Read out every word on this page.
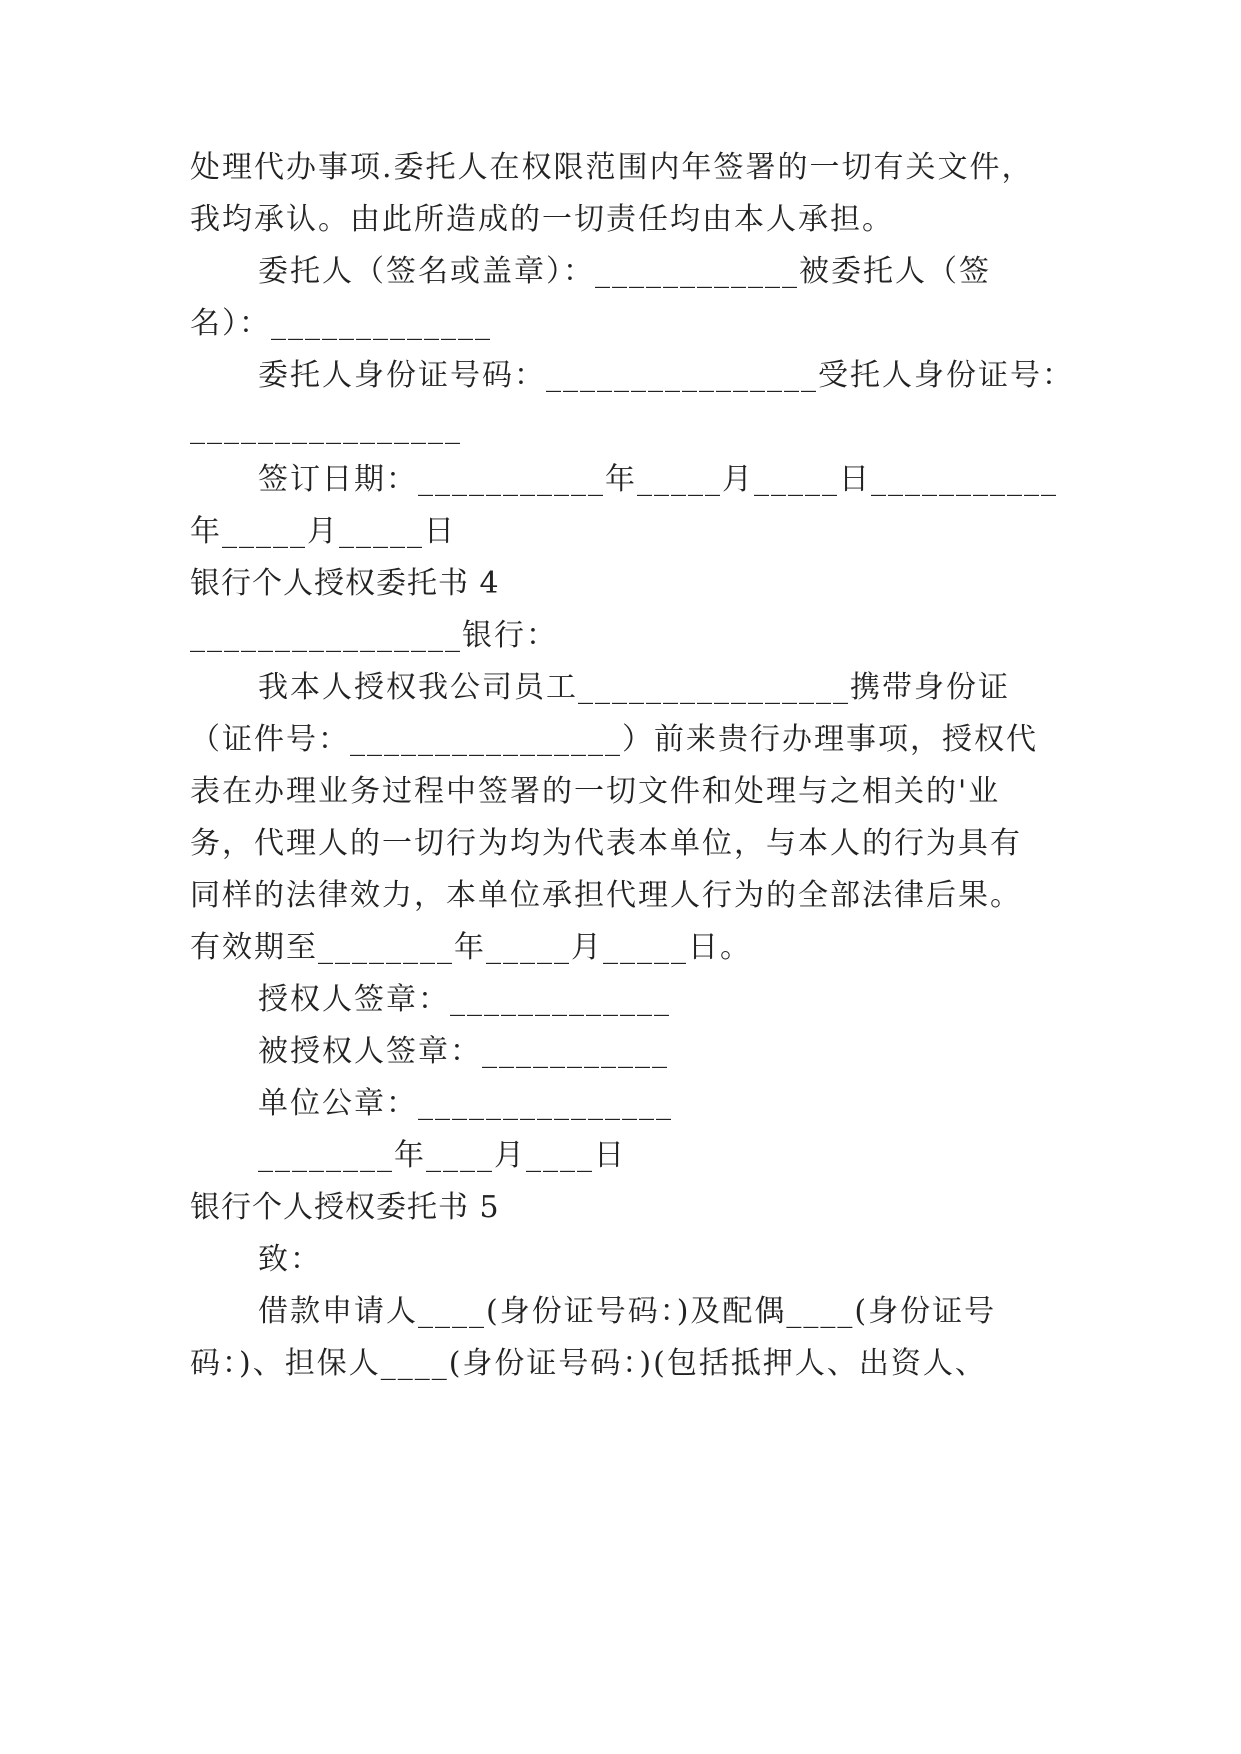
处理代办事项.委托人在权限范围内年签署的一切有关文件，
我均承认。由此所造成的一切责任均由本人承担。
委托人（签名或盖章）：____________被委托人（签
名）：_____________
委托人身份证号码：________________受托人身份证号：
________________
签订日期：___________年_____月_____日___________
年_____月_____日
银行个人授权委托书 4
________________银行：
我本人授权我公司员工________________携带身份证
（证件号：________________）前来贵行办理事项，授权代
表在办理业务过程中签署的一切文件和处理与之相关的'业
务，代理人的一切行为均为代表本单位，与本人的行为具有
同样的法律效力，本单位承担代理人行为的全部法律后果。
有效期至________年_____月_____日。
授权人签章：_____________
被授权人签章：___________
单位公章：_______________
________年____月____日
银行个人授权委托书 5
致：
借款申请人____(身份证号码：)及配偶____(身份证号
码：)、担保人____(身份证号码：)(包括抵押人、出资人、
